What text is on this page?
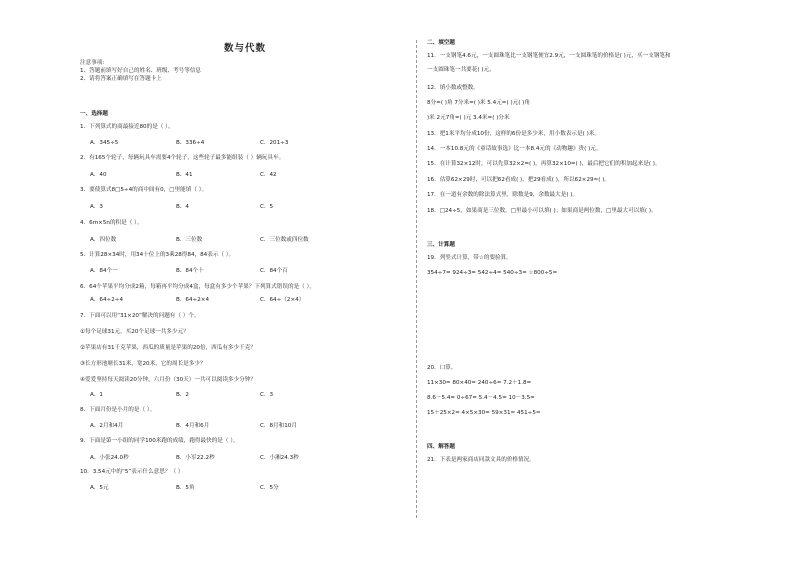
数与代数
注意事项:
1、答题前填写好自己的姓名、班级、考号等信息
2、请将答案正确填写在答题卡上
一、选择题
1．下列算式的商最接近80的是（ ）。
A．345÷5	B．336÷4	C．201÷3
2．有165个轮子，每辆玩具车需要4个轮子，这些轮子最多能组装（ ）辆玩具车。
A．40	B．41	C．42
3．要使算式8□5÷4的商中间有0，□里能填（ ）。
A．3	B．4	C．5
4．6m×5n的积是（ ）。
A．四位数	B．三位数	C．三位数或四位数
5．计算28×34时，用34十位上的3乘28得84，84表示（ ）。
A．84个一	B．84个十	C．84个百
6．64个苹果平均分成2箱，每箱再平均分成4盒，每盒有多少个苹果？下列算式错误的是（ ）。
A．64÷2÷4	B．64÷2×4	C．64÷（2×4）
7．下面可以用“31×20”解决的问题有（ ）个。
①每个足球31元，买20个足球一共多少元？
②苹果店有31千克苹果，西瓜的质量是苹果的20倍，西瓜有多少千克？
③长方形池塘长31米，宽20米，它的周长是多少？
④爱爱坚持每天阅读20分钟，六月份（30天）一共可以阅读多少分钟？
A．1	B．2	C．3
8．下面月份是小月的是（ ）。
A．2月和4月	B．4月和6月	C．8月和10月
9．下面是第一小组的同学100米跑的成绩，跑得最快的是（ ）。
A．小张24.0秒	B．小军22.2秒	C．小湘24.3秒
10．3.54元中的“5”表示什么意思？（ ）
A．5元	B．5角	C．5分
二、填空题
11．一支钢笔4.6元，一支圆珠笔比一支钢笔便宜2.9元，一支圆珠笔的价格是( )元，买一支钢笔和
一支圆珠笔一共要花( )元。
12．填小数或整数。
8分=( )角 7分米=( )米 5.4元=( )元( )角
)米 2元7角=( )元 3.4米=( )分米
13．把1米平均分成10份，这样的6份是多少米，用小数表示是( )米。
14．一本10.8元的《童话故事选》比一本8.4元的《动物趣》贵( )元。
15．在计算32×12时，可以先算32×2=( )，再算32×10=( )，最后把它们的积加起来是( )。
16．估算62×29时，可以把62看成( )，把29看成( )，所以62×29≈( )。
17．在一道有余数的除法算式里，除数是9，余数最大是( )。
18．□24÷5，如果商是三位数，□里最小可以填( )；如果商是两位数，□里最大可以填( )。
三、计算题
19．列竖式计算，带☆的要验算。
354÷7= 924÷3= 542÷4= 540÷3= ☆800÷5=
20．口算。
11×30= 80×40= 240÷6= 7.2＋1.8=
8.6－5.4= 0÷67= 5.4－4.5= 10－3.5=
15＋25×2= 4×5×30= 59×31≈ 451÷5≈
四、解答题
21．下表是两家商店同款文具的价格情况。
